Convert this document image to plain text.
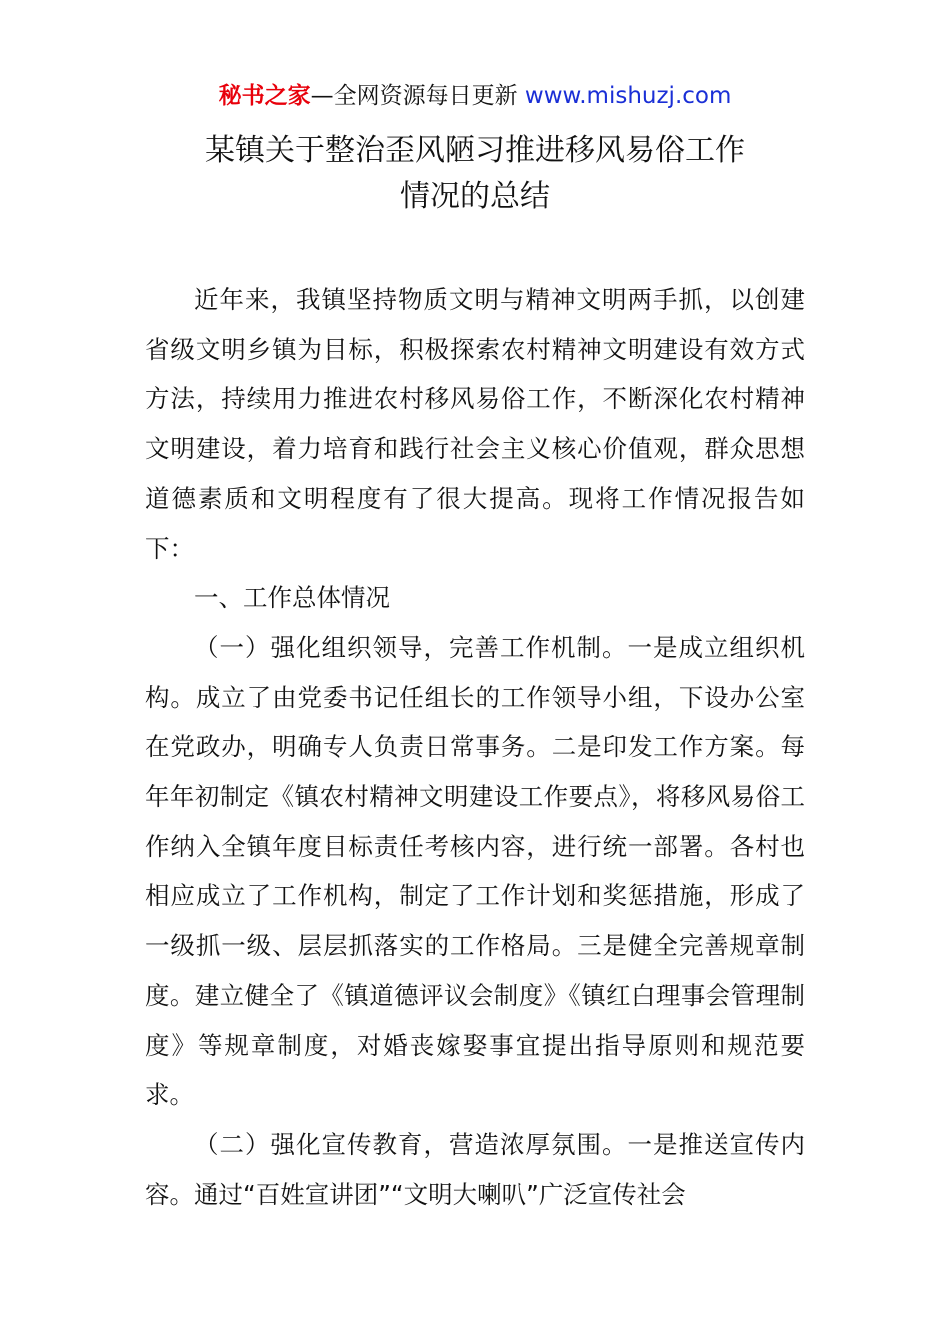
秘书之家—全网资源每日更新 www.mishuzj.com
某镇关于整治歪风陋习推进移风易俗工作
情况的总结

近年来，我镇坚持物质文明与精神文明两手抓，以创建省级文明乡镇为目标，积极探索农村精神文明建设有效方式方法，持续用力推进农村移风易俗工作，不断深化农村精神文明建设，着力培育和践行社会主义核心价值观，群众思想道德素质和文明程度有了很大提高。现将工作情况报告如下：

一、工作总体情况

（一）强化组织领导，完善工作机制。一是成立组织机构。成立了由党委书记任组长的工作领导小组，下设办公室在党政办，明确专人负责日常事务。二是印发工作方案。每年年初制定《镇农村精神文明建设工作要点》，将移风易俗工作纳入全镇年度目标责任考核内容，进行统一部署。各村也相应成立了工作机构，制定了工作计划和奖惩措施，形成了一级抓一级、层层抓落实的工作格局。三是健全完善规章制度。建立健全了《镇道德评议会制度》《镇红白理事会管理制度》等规章制度，对婚丧嫁娶事宜提出指导原则和规范要求。

（二）强化宣传教育，营造浓厚氛围。一是推送宣传内容。通过“百姓宣讲团”“文明大喇叭”广泛宣传社会
